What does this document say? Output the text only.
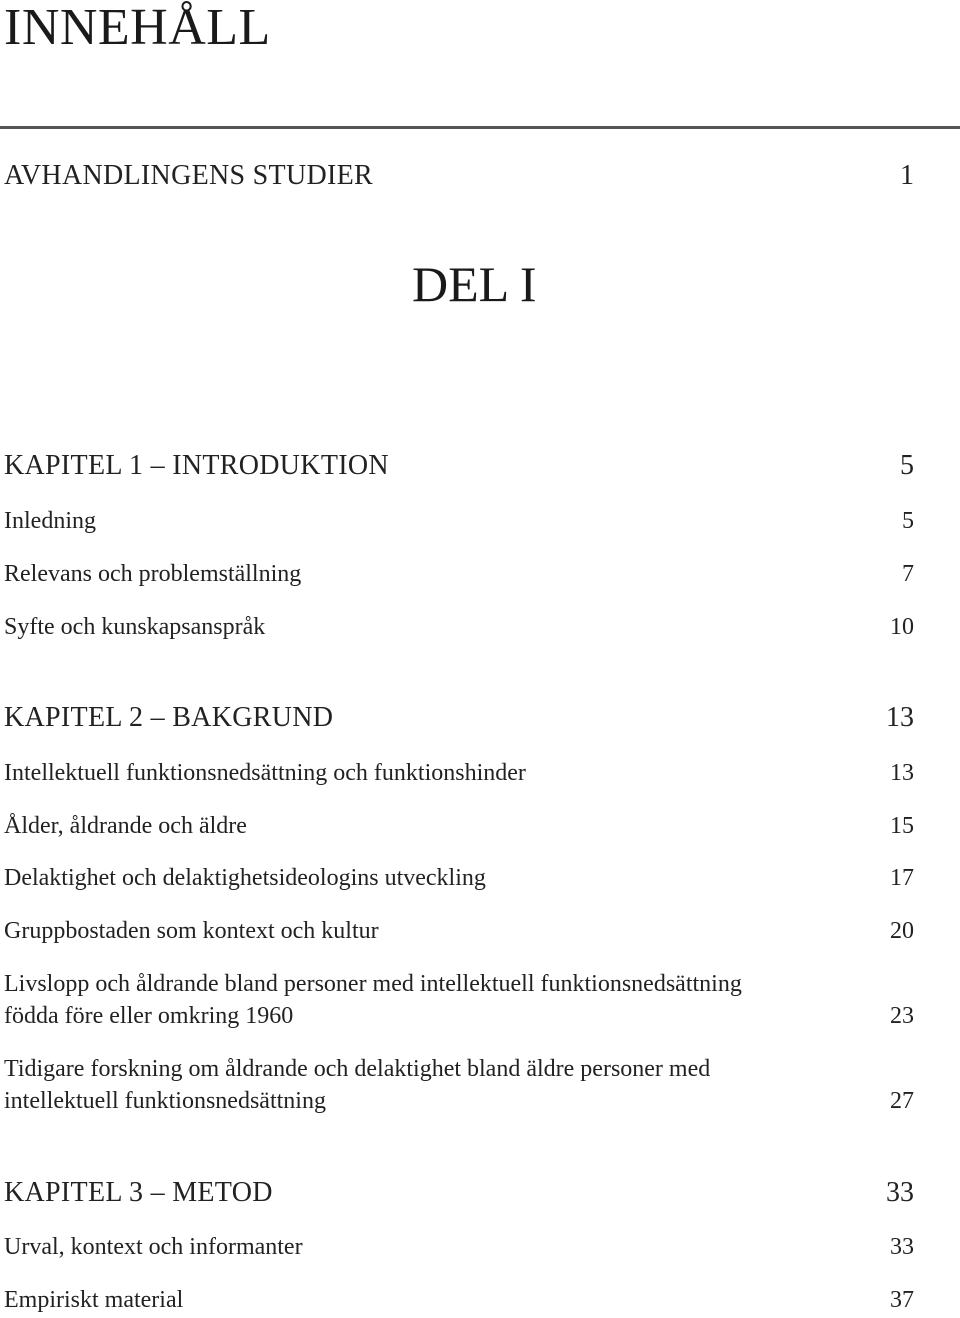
INNEHÅLL
AVHANDLINGENS STUDIER	1
DEL I
KAPITEL 1 – INTRODUKTION	5
Inledning	5
Relevans och problemställning	7
Syfte och kunskapsanspråk	10
KAPITEL 2 – BAKGRUND	13
Intellektuell funktionsnedsättning och funktionshinder	13
Ålder, åldrande och äldre	15
Delaktighet och delaktighetsideologins utveckling	17
Gruppbostaden som kontext och kultur	20
Livslopp och åldrande bland personer med intellektuell funktionsnedsättning
födda före eller omkring 1960	23
Tidigare forskning om åldrande och delaktighet bland äldre personer med
intellektuell funktionsnedsättning	27
KAPITEL 3 – METOD	33
Urval, kontext och informanter	33
Empiriskt material	37
